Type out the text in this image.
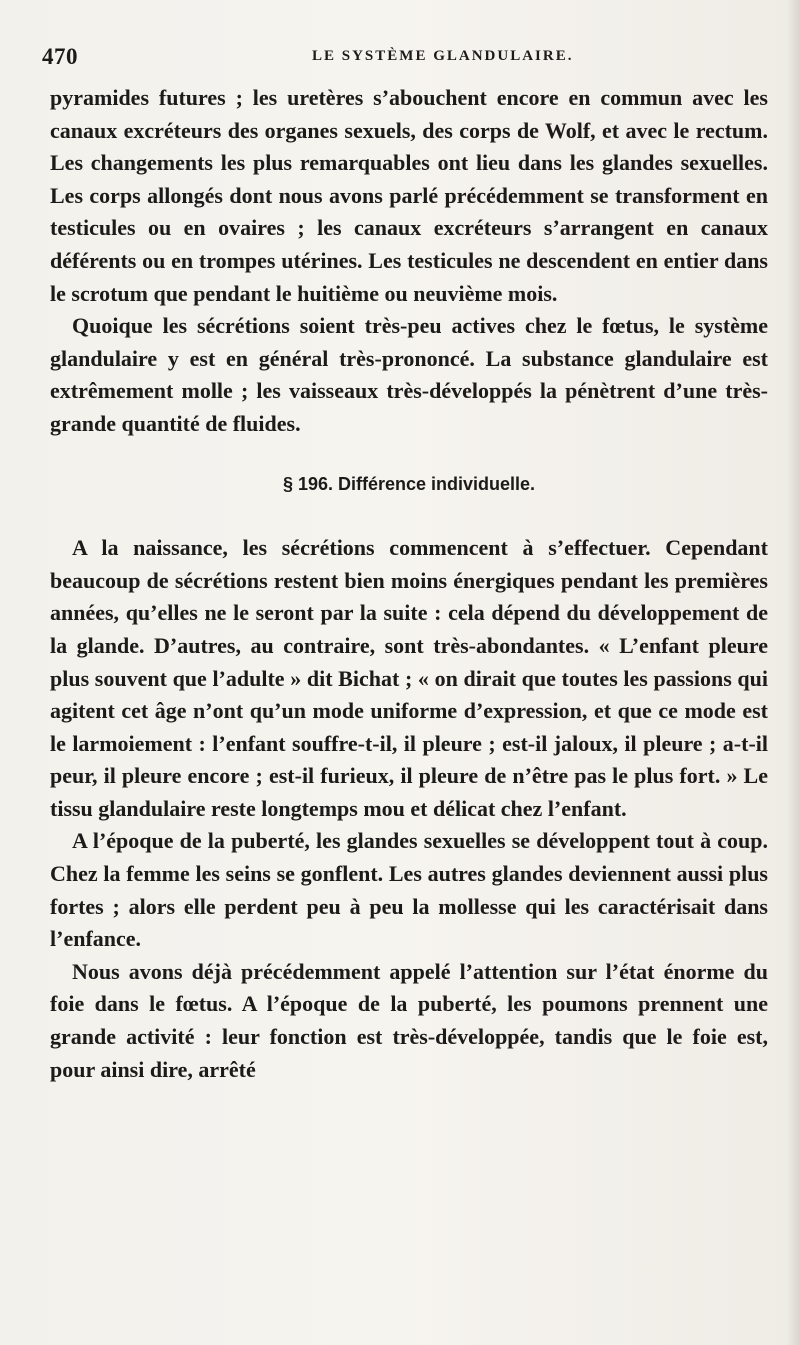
470	LE SYSTÈME GLANDULAIRE.

pyramides futures ; les uretères s’abouchent encore en commun avec les canaux excréteurs des organes sexuels, des corps de Wolf, et avec le rectum. Les changements les plus remarquables ont lieu dans les glandes sexuelles. Les corps allongés dont nous avons parlé précédemment se transforment en testicules ou en ovaires ; les canaux excréteurs s’arrangent en canaux déférents ou en trompes utérines. Les testicules ne descendent en entier dans le scrotum que pendant le huitième ou neuvième mois.

Quoique les sécrétions soient très-peu actives chez le fœtus, le système glandulaire y est en général très-prononcé. La substance glandulaire est extrêmement molle ; les vaisseaux très-développés la pénètrent d’une très-grande quantité de fluides.

§ 196. Différence individuelle.

A la naissance, les sécrétions commencent à s’effectuer. Cependant beaucoup de sécrétions restent bien moins énergiques pendant les premières années, qu’elles ne le seront par la suite : cela dépend du développement de la glande. D’autres, au contraire, sont très-abondantes. « L’enfant pleure plus souvent que l’adulte » dit Bichat ; « on dirait que toutes les passions qui agitent cet âge n’ont qu’un mode uniforme d’expression, et que ce mode est le larmoiement : l’enfant souffre-t-il, il pleure ; est-il jaloux, il pleure ; a-t-il peur, il pleure encore ; est-il furieux, il pleure de n’être pas le plus fort. » Le tissu glandulaire reste longtemps mou et délicat chez l’enfant.

A l’époque de la puberté, les glandes sexuelles se développent tout à coup. Chez la femme les seins se gonflent. Les autres glandes deviennent aussi plus fortes ; alors elle perdent peu à peu la mollesse qui les caractérisait dans l’enfance.

Nous avons déjà précédemment appelé l’attention sur l’état énorme du foie dans le fœtus. A l’époque de la puberté, les poumons prennent une grande activité : leur fonction est très-développée, tandis que le foie est, pour ainsi dire, arrêté
